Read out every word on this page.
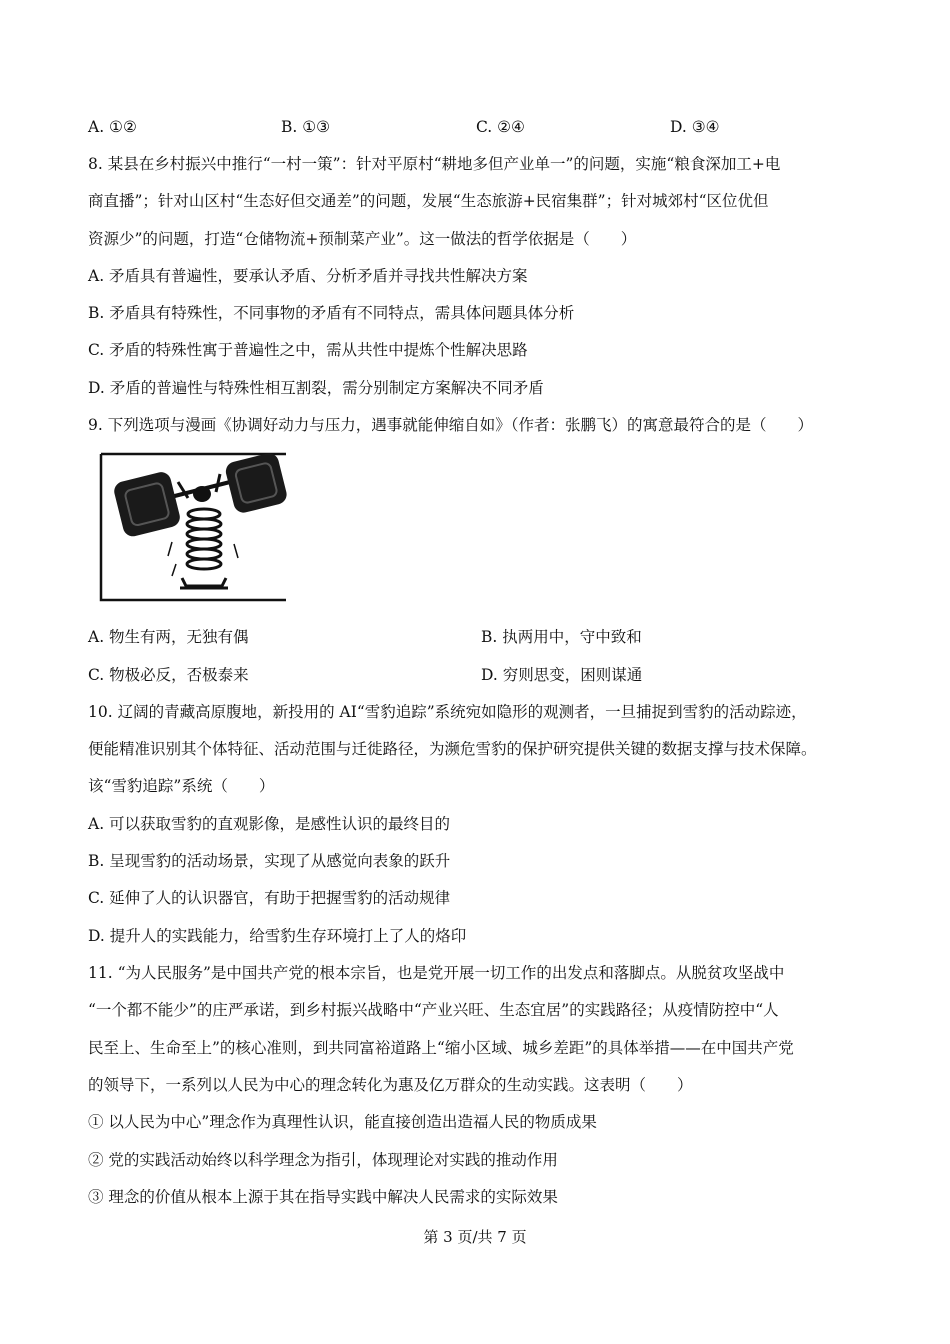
A. ①②	B. ①③	C. ②④	D. ③④
8. 某县在乡村振兴中推行“一村一策”：针对平原村“耕地多但产业单一”的问题，实施“粮食深加工+电
商直播”；针对山区村“生态好但交通差”的问题，发展“生态旅游+民宿集群”；针对城郊村“区位优但
资源少”的问题，打造“仓储物流+预制菜产业”。这一做法的哲学依据是（　　）
A. 矛盾具有普遍性，要承认矛盾、分析矛盾并寻找共性解决方案
B. 矛盾具有特殊性，不同事物的矛盾有不同特点，需具体问题具体分析
C. 矛盾的特殊性寓于普遍性之中，需从共性中提炼个性解决思路
D. 矛盾的普遍性与特殊性相互割裂，需分别制定方案解决不同矛盾
9. 下列选项与漫画《协调好动力与压力，遇事就能伸缩自如》（作者：张鹏飞）的寓意最符合的是（　　）
A. 物生有两，无独有偶	B. 执两用中，守中致和
C. 物极必反，否极泰来	D. 穷则思变，困则谋通
10. 辽阔的青藏高原腹地，新投用的 AI“雪豹追踪”系统宛如隐形的观测者，一旦捕捉到雪豹的活动踪迹，
便能精准识别其个体特征、活动范围与迁徙路径，为濒危雪豹的保护研究提供关键的数据支撑与技术保障。
该“雪豹追踪”系统（　　）
A. 可以获取雪豹的直观影像，是感性认识的最终目的
B. 呈现雪豹的活动场景，实现了从感觉向表象的跃升
C. 延伸了人的认识器官，有助于把握雪豹的活动规律
D. 提升人的实践能力，给雪豹生存环境打上了人的烙印
11. “为人民服务”是中国共产党的根本宗旨，也是党开展一切工作的出发点和落脚点。从脱贫攻坚战中
“一个都不能少”的庄严承诺，到乡村振兴战略中“产业兴旺、生态宜居”的实践路径；从疫情防控中“人
民至上、生命至上”的核心准则，到共同富裕道路上“缩小区域、城乡差距”的具体举措——在中国共产党
的领导下，一系列以人民为中心的理念转化为惠及亿万群众的生动实践。这表明（　　）
① 以人民为中心”理念作为真理性认识，能直接创造出造福人民的物质成果
② 党的实践活动始终以科学理念为指引，体现理论对实践的推动作用
③ 理念的价值从根本上源于其在指导实践中解决人民需求的实际效果
第 3 页/共 7 页
